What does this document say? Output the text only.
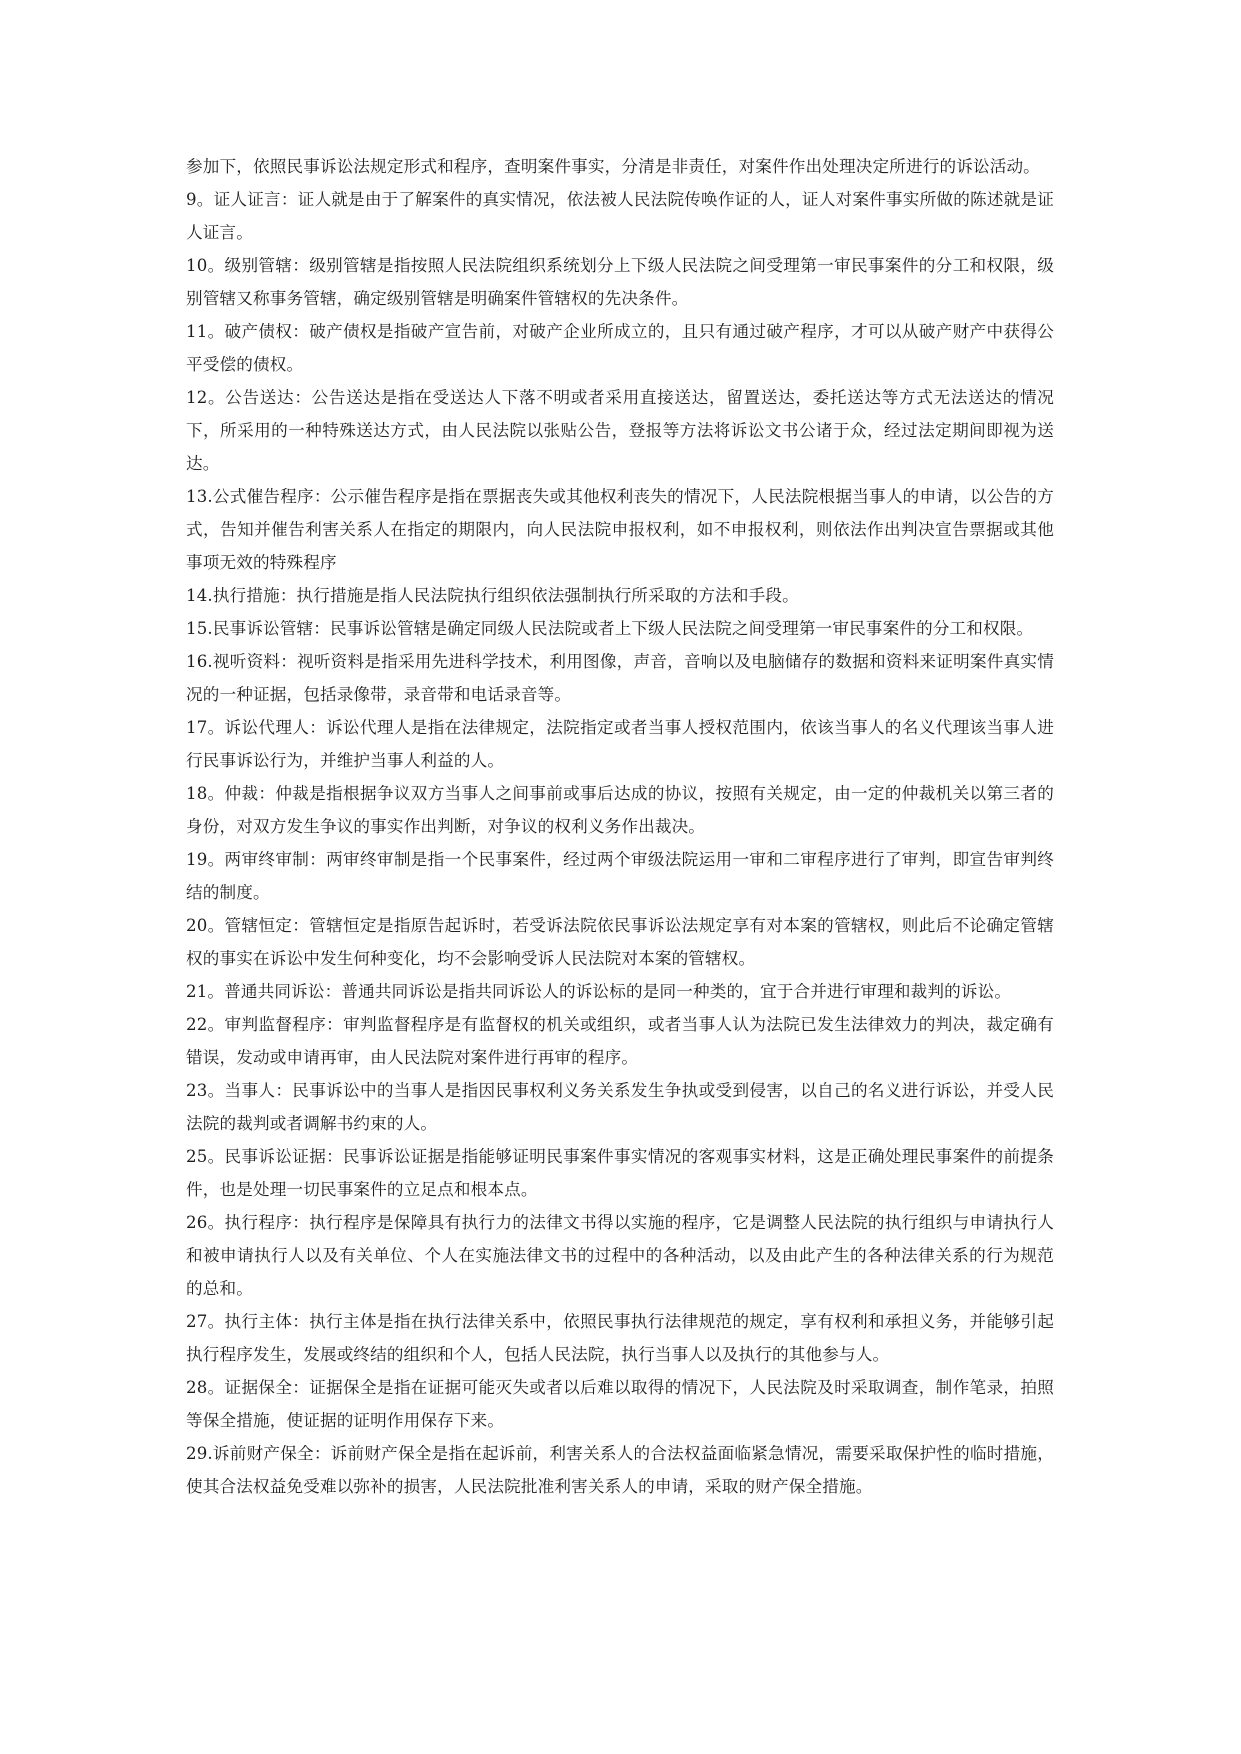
参加下，依照民事诉讼法规定形式和程序，查明案件事实，分清是非责任，对案件作出处理决定所进行的诉讼活动。

9。证人证言：证人就是由于了解案件的真实情况，依法被人民法院传唤作证的人，证人对案件事实所做的陈述就是证人证言。

10。级别管辖：级别管辖是指按照人民法院组织系统划分上下级人民法院之间受理第一审民事案件的分工和权限，级别管辖又称事务管辖，确定级别管辖是明确案件管辖权的先决条件。

11。破产债权：破产债权是指破产宣告前，对破产企业所成立的，且只有通过破产程序，才可以从破产财产中获得公平受偿的债权。

12。公告送达：公告送达是指在受送达人下落不明或者采用直接送达，留置送达，委托送达等方式无法送达的情况下，所采用的一种特殊送达方式，由人民法院以张贴公告，登报等方法将诉讼文书公诸于众，经过法定期间即视为送达。

13.公式催告程序：公示催告程序是指在票据丧失或其他权利丧失的情况下，人民法院根据当事人的申请，以公告的方式，告知并催告利害关系人在指定的期限内，向人民法院申报权利，如不申报权利，则依法作出判决宣告票据或其他事项无效的特殊程序

14.执行措施：执行措施是指人民法院执行组织依法强制执行所采取的方法和手段。

15.民事诉讼管辖：民事诉讼管辖是确定同级人民法院或者上下级人民法院之间受理第一审民事案件的分工和权限。

16.视听资料：视听资料是指采用先进科学技术，利用图像，声音，音响以及电脑储存的数据和资料来证明案件真实情况的一种证据，包括录像带，录音带和电话录音等。

17。诉讼代理人：诉讼代理人是指在法律规定，法院指定或者当事人授权范围内，依该当事人的名义代理该当事人进行民事诉讼行为，并维护当事人利益的人。

18。仲裁：仲裁是指根据争议双方当事人之间事前或事后达成的协议，按照有关规定，由一定的仲裁机关以第三者的身份，对双方发生争议的事实作出判断，对争议的权利义务作出裁决。

19。两审终审制：两审终审制是指一个民事案件，经过两个审级法院运用一审和二审程序进行了审判，即宣告审判终结的制度。

20。管辖恒定：管辖恒定是指原告起诉时，若受诉法院依民事诉讼法规定享有对本案的管辖权，则此后不论确定管辖权的事实在诉讼中发生何种变化，均不会影响受诉人民法院对本案的管辖权。

21。普通共同诉讼：普通共同诉讼是指共同诉讼人的诉讼标的是同一种类的，宜于合并进行审理和裁判的诉讼。

22。审判监督程序：审判监督程序是有监督权的机关或组织，或者当事人认为法院已发生法律效力的判决，裁定确有错误，发动或申请再审，由人民法院对案件进行再审的程序。

23。当事人：民事诉讼中的当事人是指因民事权利义务关系发生争执或受到侵害，以自己的名义进行诉讼，并受人民法院的裁判或者调解书约束的人。

25。民事诉讼证据：民事诉讼证据是指能够证明民事案件事实情况的客观事实材料，这是正确处理民事案件的前提条件，也是处理一切民事案件的立足点和根本点。

26。执行程序：执行程序是保障具有执行力的法律文书得以实施的程序，它是调整人民法院的执行组织与申请执行人和被申请执行人以及有关单位、个人在实施法律文书的过程中的各种活动，以及由此产生的各种法律关系的行为规范的总和。

27。执行主体：执行主体是指在执行法律关系中，依照民事执行法律规范的规定，享有权利和承担义务，并能够引起执行程序发生，发展或终结的组织和个人，包括人民法院，执行当事人以及执行的其他参与人。

28。证据保全：证据保全是指在证据可能灭失或者以后难以取得的情况下，人民法院及时采取调查，制作笔录，拍照等保全措施，使证据的证明作用保存下来。

29.诉前财产保全：诉前财产保全是指在起诉前，利害关系人的合法权益面临紧急情况，需要采取保护性的临时措施，使其合法权益免受难以弥补的损害，人民法院批准利害关系人的申请，采取的财产保全措施。
